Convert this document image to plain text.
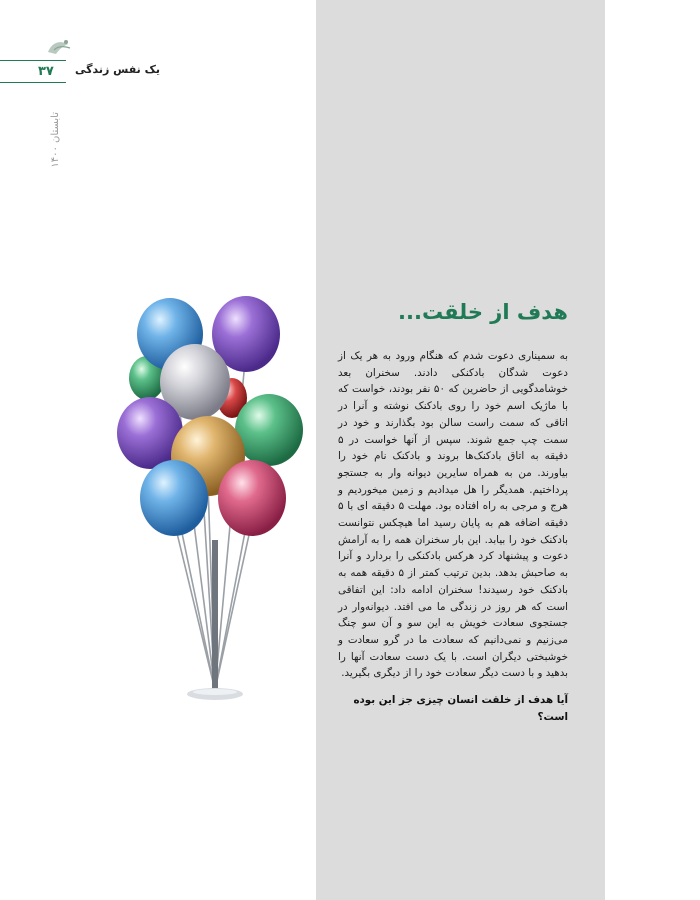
یک نفس زندگی
۳۷
تابستان ۱۴۰۰
هدف از خلقت...
به سمیناری دعوت شدم که هنگام ورود به هر یک از دعوت شدگان بادکنکی دادند. سخنران بعد خوشامدگویی از حاضرین که ۵۰ نفر بودند، خواست که با ماژیک اسم خود را روی بادکنک نوشته و آنرا در اتاقی که سمت راست سالن بود بگذارند و خود در سمت چپ جمع شوند. سپس از آنها خواست در ۵ دقیقه به اتاق بادکنک‌ها بروند و بادکنک نام خود را بیاورند. من به همراه سایرین دیوانه وار به جستجو پرداختیم. همدیگر را هل میدادیم و زمین میخوردیم و هرج و مرجی به راه افتاده بود. مهلت ۵ دقیقه ای با ۵ دقیقه اضافه هم به پایان رسید اما هیچکس نتوانست بادکنک خود را بیابد. این بار سخنران همه را به آرامش دعوت و پیشنهاد کرد هرکس بادکنکی را بردارد و آنرا به صاحبش بدهد. بدین ترتیب کمتر از ۵ دقیقه همه به بادکنک خود رسیدند! سخنران ادامه داد: این اتفاقی است که هر روز در زندگی ما می افتد. دیوانه‌وار در جستجوی سعادت خویش به این سو و آن سو چنگ می‌زنیم و نمی‌دانیم که سعادت ما در گرو سعادت و خوشبختی دیگران است. با یک دست سعادت آنها را بدهید و با دست دیگر سعادت خود را از دیگری بگیرید.
آیا هدف از خلقت انسان چیزی جز این بوده است؟
